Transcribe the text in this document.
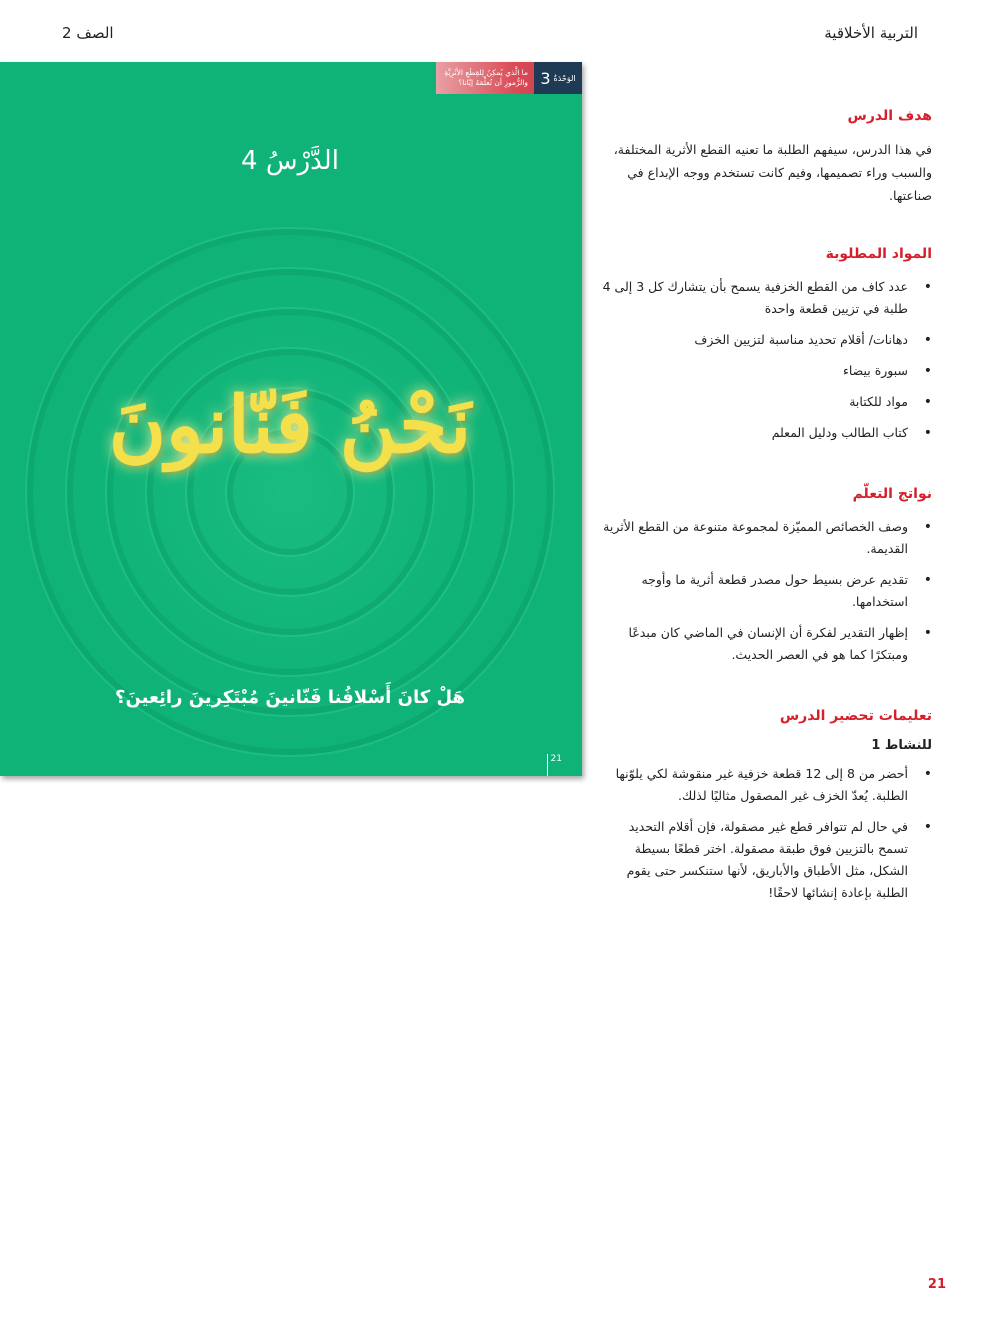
التربية الأخلاقية
الصف 2
الوَحْدَةُ
3
ما الَّذي يُمكِنُ لِلقِطَعِ الأثَرِيَّةِ والرُّموزِ أن تُعلِّمَهُ إيّانا؟
الدَّرْسُ 4
نَحْنُ فَنّانونَ
هَلْ كانَ أَسْلافُنا فَنّانينَ مُبْتَكِرينَ رائِعينَ؟
21
هدف الدرس

في هذا الدرس، سيفهم الطلبة ما تعنيه القطع الأثرية المختلفة، والسبب وراء تصميمها، وفيم كانت تستخدم ووجه الإبداع في صناعتها.

المواد المطلوبة
•
عدد كاف من القطع الخزفية يسمح بأن يتشارك كل 3 إلى 4 طلبة في تزيين قطعة واحدة
•
دهانات/ أقلام تحديد مناسبة لتزيين الخزف
•
سبورة بيضاء
•
مواد للكتابة
•
كتاب الطالب ودليل المعلم
نواتج التعلّم
•
وصف الخصائص المميّزة لمجموعة متنوعة من القطع الأثرية القديمة.
•
تقديم عرض بسيط حول مصدر قطعة أثرية ما وأوجه استخدامها.
•
إظهار التقدير لفكرة أن الإنسان في الماضي كان مبدعًا ومبتكرًا كما هو في العصر الحديث.
تعليمات تحضير الدرس
للنشاط 1
•
أحضر من 8 إلى 12 قطعة خزفية غير منقوشة لكي يلوّنها الطلبة. يُعدّ الخزف غير المصقول مثاليًا لذلك.
•
في حال لم تتوافر قطع غير مصقولة، فإن أقلام التحديد تسمح بالتزيين فوق طبقة مصقولة. اختر قطعًا بسيطة الشكل، مثل الأطباق والأباريق، لأنها ستنكسر حتى يقوم الطلبة بإعادة إنشائها لاحقًا!
21
